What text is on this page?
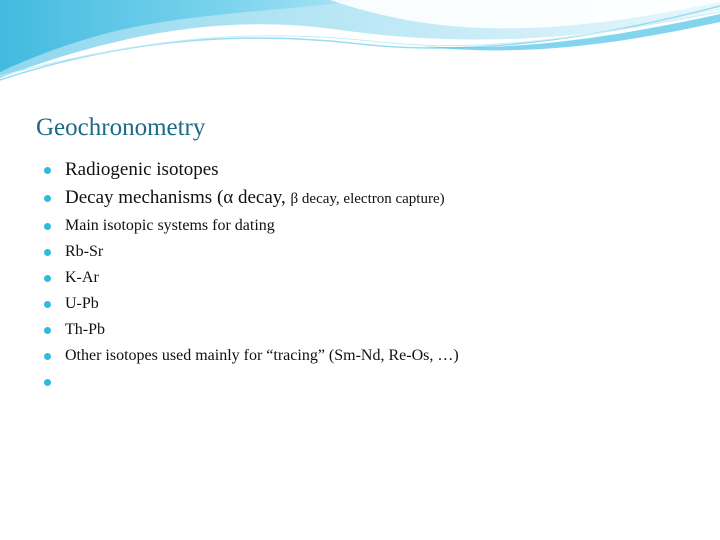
Geochronometry
Radiogenic isotopes
Decay mechanisms (α decay, β decay, electron capture)
Main isotopic systems for dating
Rb-Sr
K-Ar
U-Pb
Th-Pb
Other isotopes used mainly for “tracing” (Sm-Nd, Re-Os, …)
